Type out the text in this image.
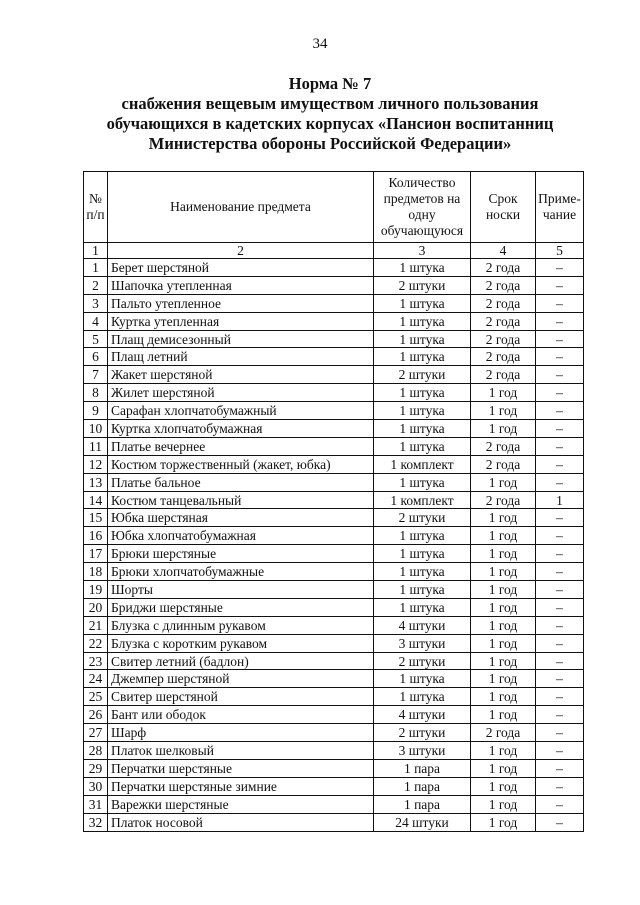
34
Норма № 7
снабжения вещевым имуществом личного пользования
обучающихся в кадетских корпусах «Пансион воспитанниц
Министерства обороны Российской Федерации»
№ п/п	Наименование предмета	Количество предметов на одну обучающуюся	Срок носки	Приме-чание
1	2	3	4	5
1	Берет шерстяной	1 штука	2 года	–
2	Шапочка утепленная	2 штуки	2 года	–
3	Пальто утепленное	1 штука	2 года	–
4	Куртка утепленная	1 штука	2 года	–
5	Плащ демисезонный	1 штука	2 года	–
6	Плащ летний	1 штука	2 года	–
7	Жакет шерстяной	2 штуки	2 года	–
8	Жилет шерстяной	1 штука	1 год	–
9	Сарафан хлопчатобумажный	1 штука	1 год	–
10	Куртка хлопчатобумажная	1 штука	1 год	–
11	Платье вечернее	1 штука	2 года	–
12	Костюм торжественный (жакет, юбка)	1 комплект	2 года	–
13	Платье бальное	1 штука	1 год	–
14	Костюм танцевальный	1 комплект	2 года	1
15	Юбка шерстяная	2 штуки	1 год	–
16	Юбка хлопчатобумажная	1 штука	1 год	–
17	Брюки шерстяные	1 штука	1 год	–
18	Брюки хлопчатобумажные	1 штука	1 год	–
19	Шорты	1 штука	1 год	–
20	Бриджи шерстяные	1 штука	1 год	–
21	Блузка с длинным рукавом	4 штуки	1 год	–
22	Блузка с коротким рукавом	3 штуки	1 год	–
23	Свитер летний (бадлон)	2 штуки	1 год	–
24	Джемпер шерстяной	1 штука	1 год	–
25	Свитер шерстяной	1 штука	1 год	–
26	Бант или ободок	4 штуки	1 год	–
27	Шарф	2 штуки	2 года	–
28	Платок шелковый	3 штуки	1 год	–
29	Перчатки шерстяные	1 пара	1 год	–
30	Перчатки шерстяные зимние	1 пара	1 год	–
31	Варежки шерстяные	1 пара	1 год	–
32	Платок носовой	24 штуки	1 год	–
